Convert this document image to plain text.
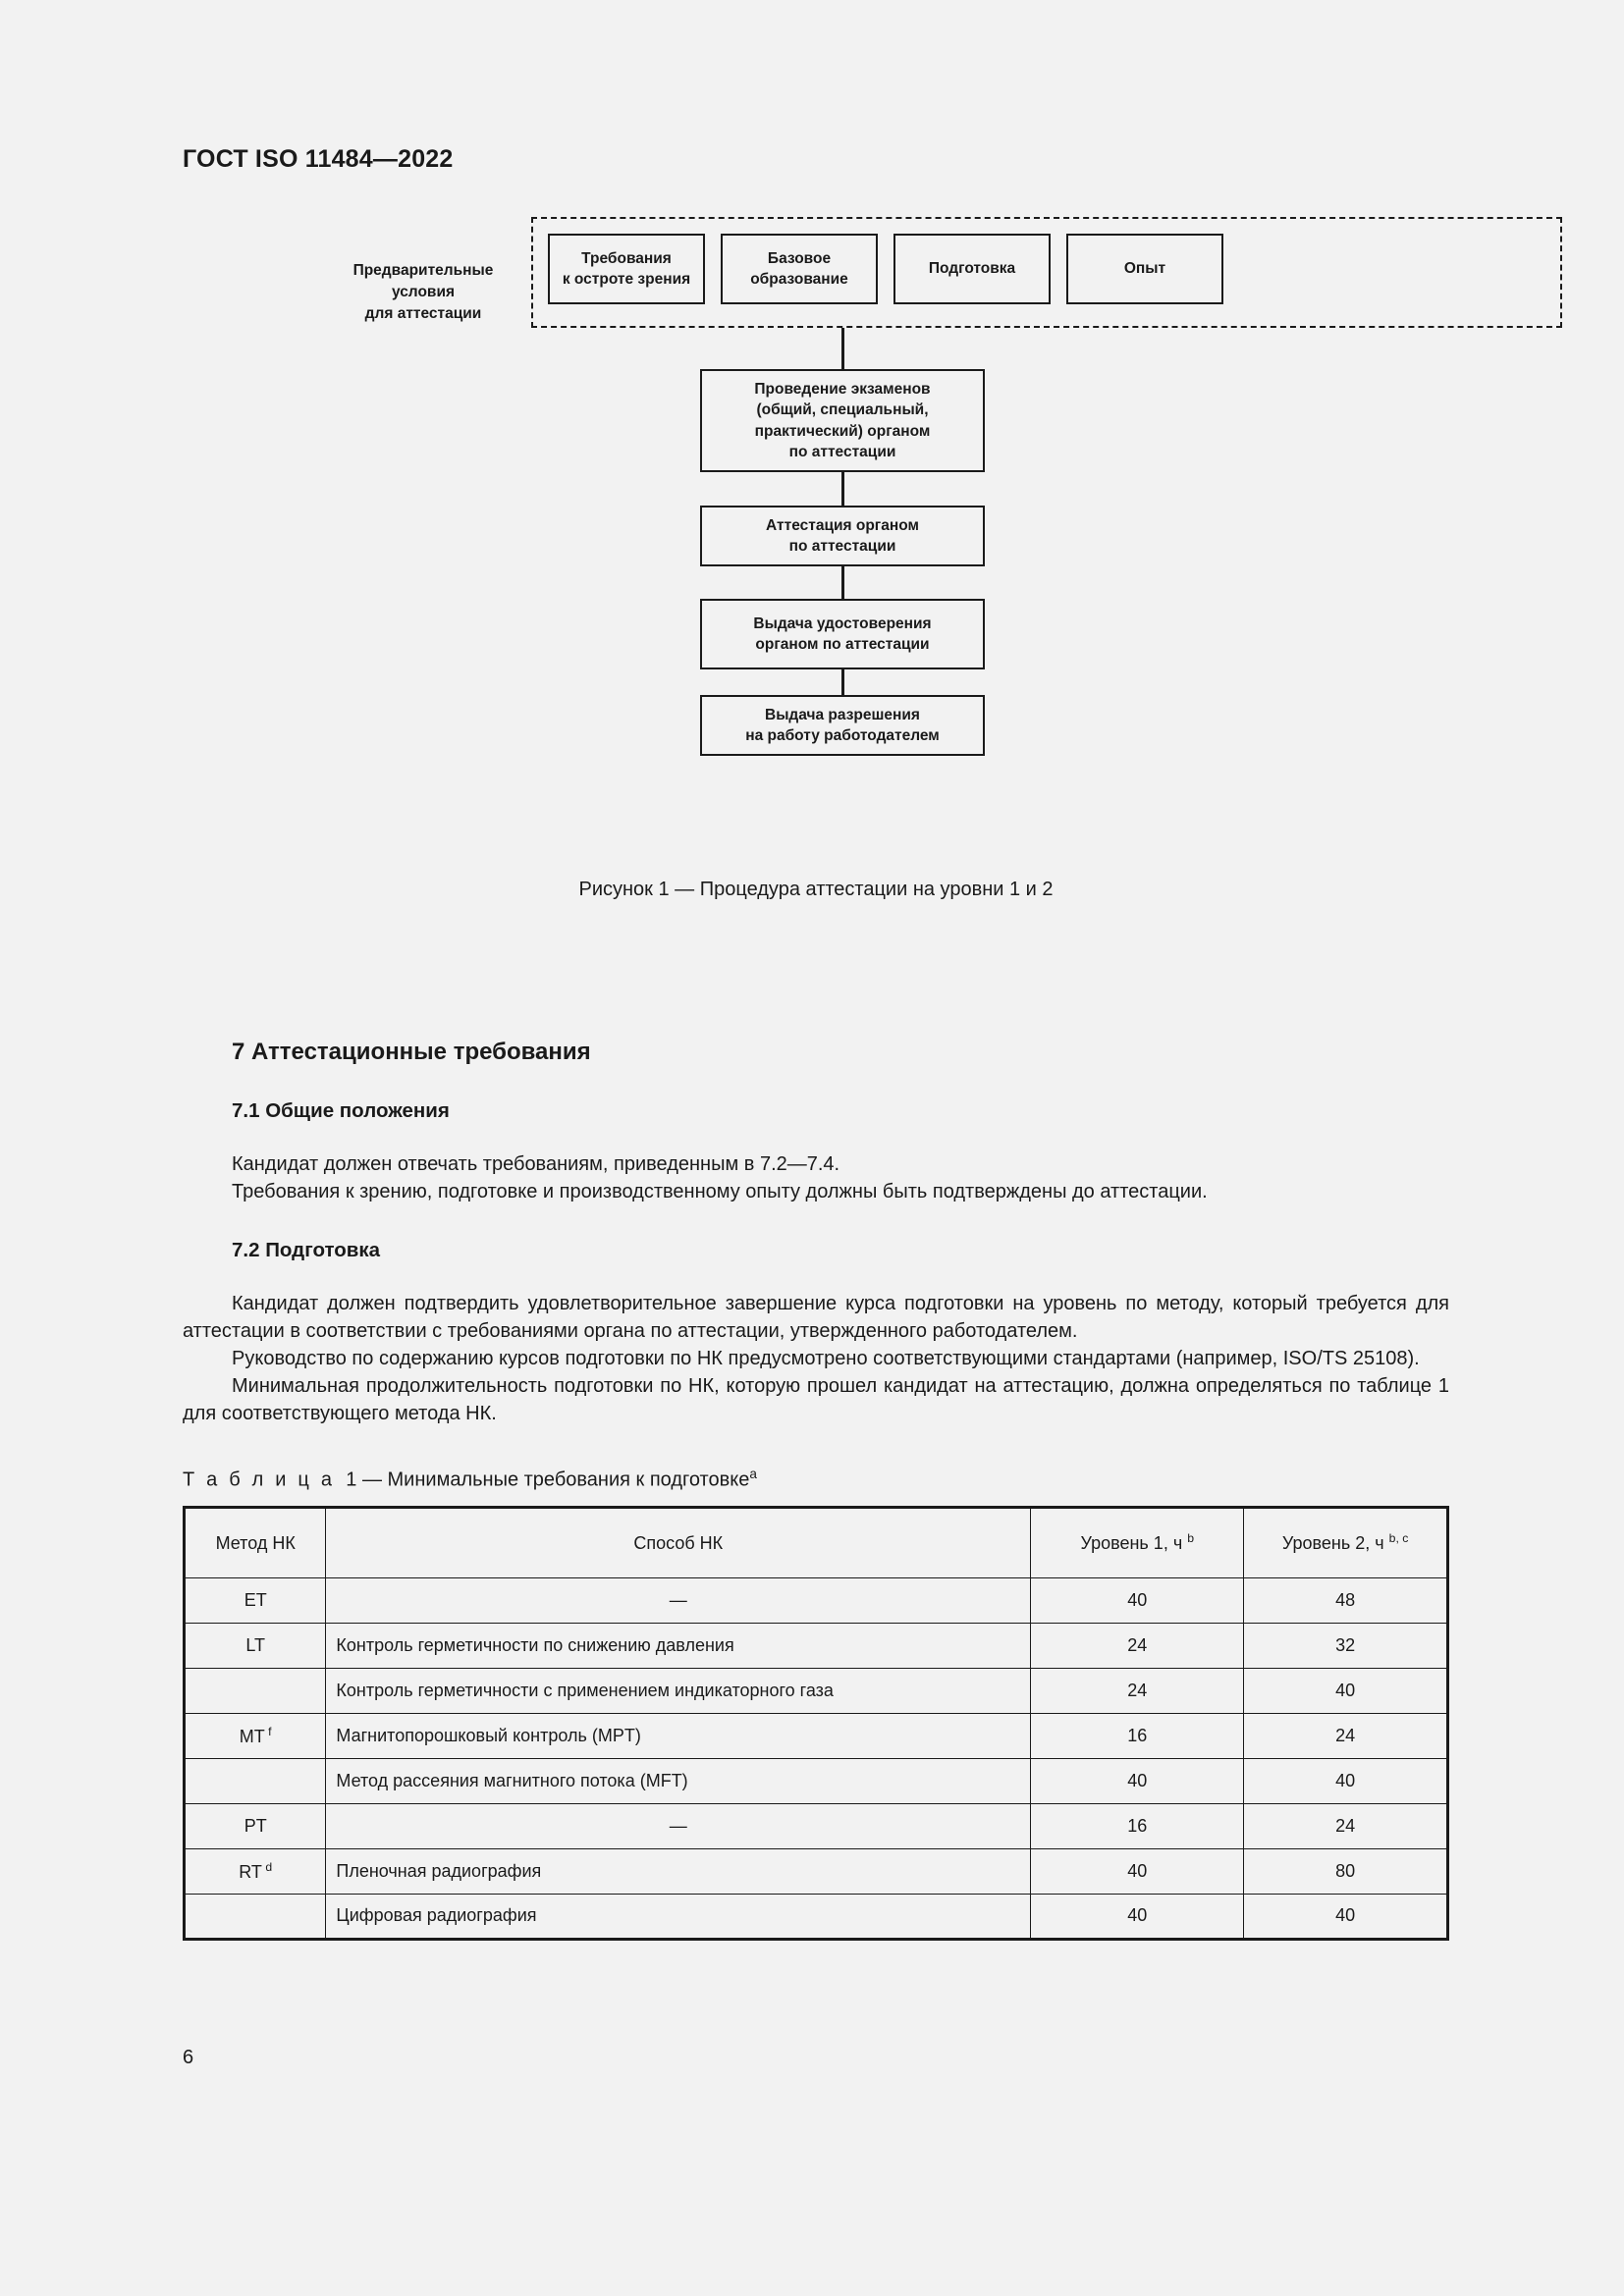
ГОСТ ISO 11484—2022
Предварительные
условия
для аттестации
Требования
к остроте зрения
Базовое
образование
Подготовка	Опыт
Проведение экзаменов
(общий, специальный,
практический) органом
по аттестации
Аттестация органом
по аттестации
Выдача удостоверения
органом по аттестации
Выдача разрешения
на работу работодателем
Рисунок 1 — Процедура аттестации на уровни 1 и 2
7 Аттестационные требования
7.1 Общие положения

Кандидат должен отвечать требованиям, приведенным в 7.2—7.4.

Требования к зрению, подготовке и производственному опыту должны быть подтверждены до аттестации.

7.2 Подготовка

Кандидат должен подтвердить удовлетворительное завершение курса подготовки на уровень по методу, который требуется для аттестации в соответствии с требованиями органа по аттестации, утвержденного работодателем.

Руководство по содержанию курсов подготовки по НК предусмотрено соответствующими стандартами (например, ISO/TS 25108).

Минимальная продолжительность подготовки по НК, которую прошел кандидат на аттестацию, должна определяться по таблице 1 для соответствующего метода НК.

Т а б л и ц а 1 — Минимальные требования к подготовке$^a$

Метод НК	Способ НК	Уровень 1, ч $^b$	Уровень 2, ч $^{b, c}$
ET	—	40	48
LT	Контроль герметичности по снижению давления	24	32
	Контроль герметичности с применением индикаторного газа	24	40
MT $^f$	Магнитопорошковый контроль (MPT)	16	24
	Метод рассеяния магнитного потока (MFT)	40	40
PT	—	16	24
RT $^d$	Пленочная радиография	40	80
	Цифровая радиография	40	40
6
